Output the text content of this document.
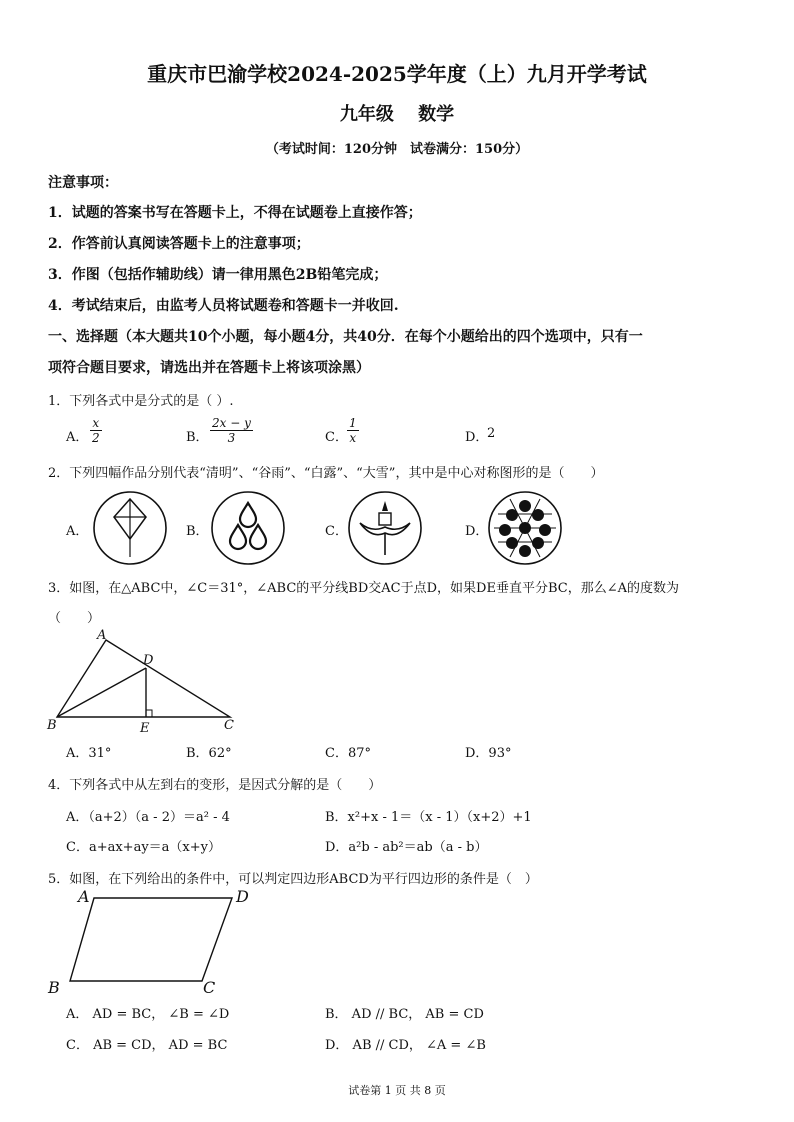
重庆市巴渝学校2024-2025学年度（上）九月开学考试
九年级　 数学
（考试时间：120分钟　试卷满分：150分）
注意事项：
1．试题的答案书写在答题卡上，不得在试题卷上直接作答；
2．作答前认真阅读答题卡上的注意事项；
3．作图（包括作辅助线）请一律用黑色2B铅笔完成；
4．考试结束后，由监考人员将试题卷和答题卡一并收回.
一、选择题（本大题共10个小题，每小题4分，共40分．在每个小题给出的四个选项中，只有一
项符合题目要求，请选出并在答题卡上将该项涂黑）
1．下列各式中是分式的是（ ）.
A． $\frac{x}{2}$	B． $\frac{2x - y}{3}$	C． $\frac{1}{x}$	D．
2
2．下列四幅作品分别代表“清明”、“谷雨”、“白露”、“大雪”，其中是中心对称图形的是（　　）
A．	B．	C．	D．
3．如图，在△ABC中，∠C＝31°，∠ABC的平分线BD交AC于点D，如果DE垂直平分BC，那么∠A的度数为
（　　）
A
D
B	E	C
A．31°	B．62°	C．87°	D．93°
4．下列各式中从左到右的变形，是因式分解的是（　　）
A．（a+2）（a - 2）＝a² - 4	B．x²+x - 1＝（x - 1）（x+2）+1
C．a+ax+ay＝a（x+y）	D．a²b - ab²＝ab（a - b）
5．如图，在下列给出的条件中，可以判定四边形ABCD为平行四边形的条件是（　）
A	D
B	C
A． AD = BC， ∠B = ∠D	B． AD // BC， AB = CD
C． AB = CD， AD = BC	D． AB // CD， ∠A = ∠B
试卷第 1 页 共 8 页
